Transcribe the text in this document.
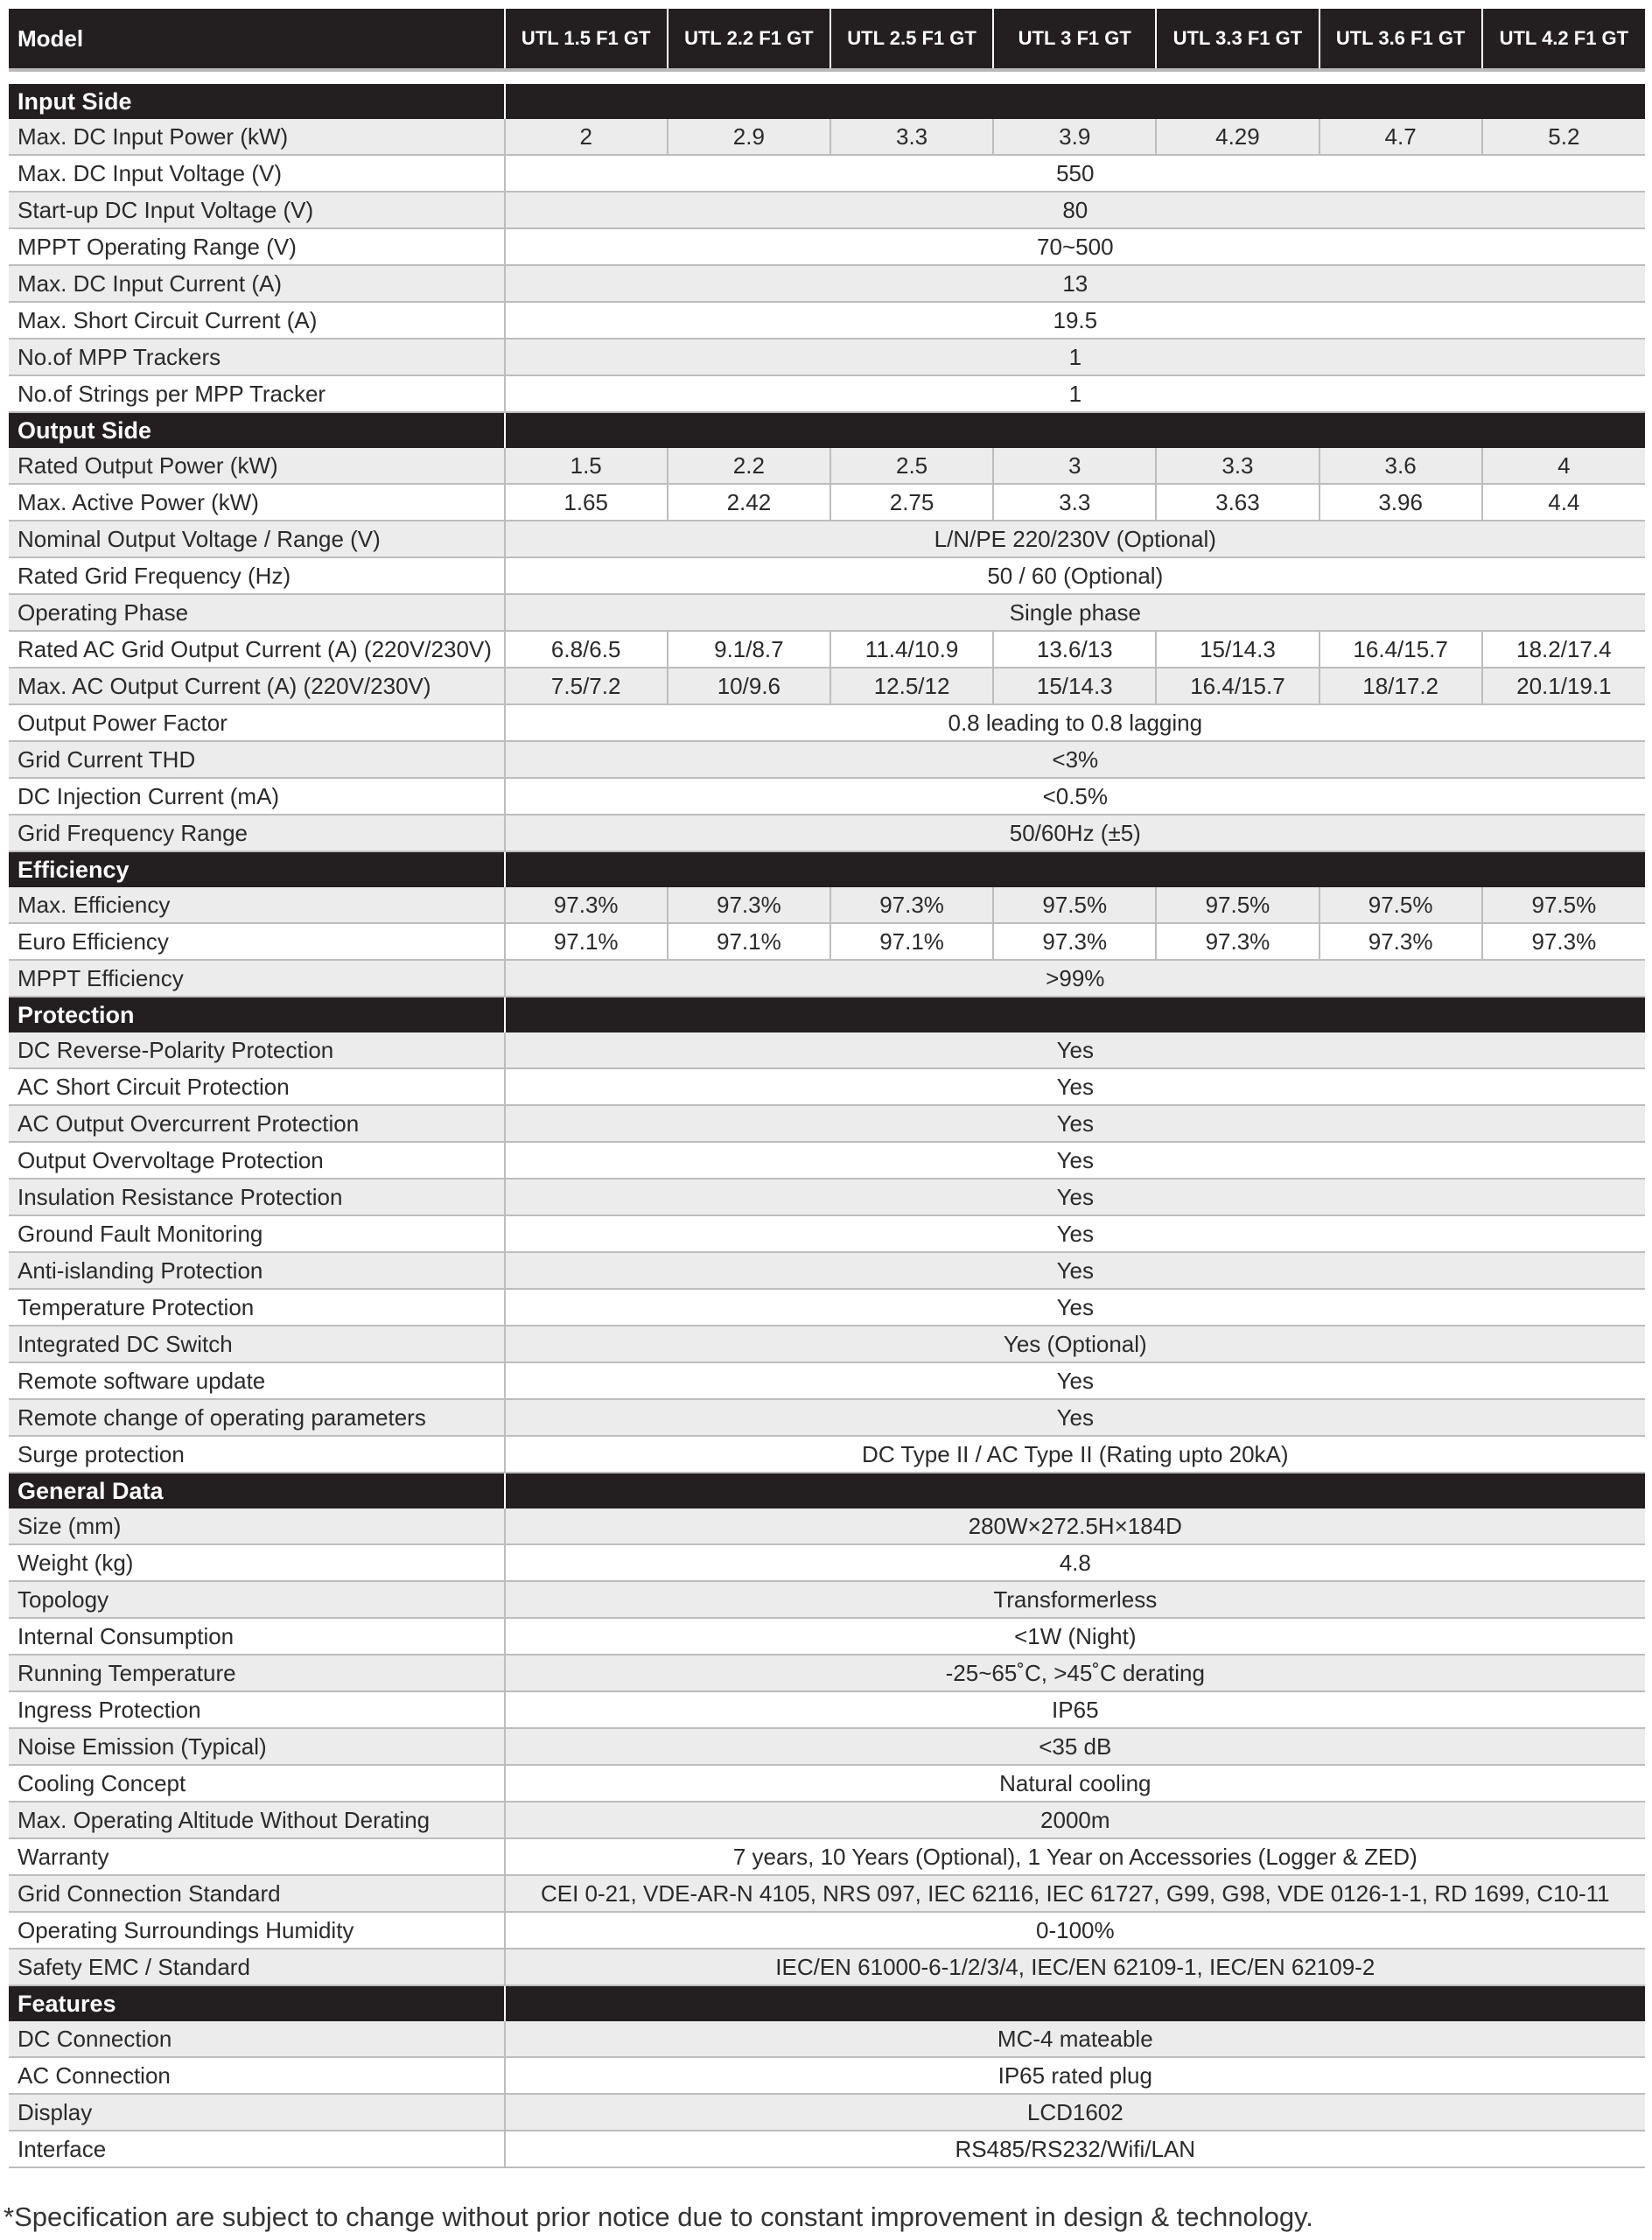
Model	UTL 1.5 F1 GT	UTL 2.2 F1 GT	UTL 2.5 F1 GT	UTL 3 F1 GT	UTL 3.3 F1 GT	UTL 3.6 F1 GT	UTL 4.2 F1 GT

Input Side							
Max. DC Input Power (kW)	2	2.9	3.3	3.9	4.29	4.7	5.2
Max. DC Input Voltage (V)	550						
Start-up DC Input Voltage (V)	80						
MPPT Operating Range (V)	70~500						
Max. DC Input Current (A)	13						
Max. Short Circuit Current (A)	19.5						
No.of MPP Trackers	1						
No.of Strings per MPP Tracker	1						
Output Side							
Rated Output Power (kW)	1.5	2.2	2.5	3	3.3	3.6	4
Max. Active Power (kW)	1.65	2.42	2.75	3.3	3.63	3.96	4.4
Nominal Output Voltage / Range (V)	L/N/PE 220/230V (Optional)						
Rated Grid Frequency (Hz)	50 / 60 (Optional)						
Operating Phase	Single phase						
Rated AC Grid Output Current (A) (220V/230V)	6.8/6.5	9.1/8.7	11.4/10.9	13.6/13	15/14.3	16.4/15.7	18.2/17.4
Max. AC Output Current (A) (220V/230V)	7.5/7.2	10/9.6	12.5/12	15/14.3	16.4/15.7	18/17.2	20.1/19.1
Output Power Factor	0.8 leading to 0.8 lagging						
Grid Current THD	<3%						
DC Injection Current (mA)	<0.5%						
Grid Frequency Range	50/60Hz (±5)						
Efficiency							
Max. Efficiency	97.3%	97.3%	97.3%	97.5%	97.5%	97.5%	97.5%
Euro Efficiency	97.1%	97.1%	97.1%	97.3%	97.3%	97.3%	97.3%
MPPT Efficiency	>99%						
Protection							
DC Reverse-Polarity Protection	Yes						
AC Short Circuit Protection	Yes						
AC Output Overcurrent Protection	Yes						
Output Overvoltage Protection	Yes						
Insulation Resistance Protection	Yes						
Ground Fault Monitoring	Yes						
Anti-islanding Protection	Yes						
Temperature Protection	Yes						
Integrated DC Switch	Yes (Optional)						
Remote software update	Yes						
Remote change of operating parameters	Yes						
Surge protection	DC Type II / AC Type II (Rating upto 20kA)						
General Data							
Size (mm)	280W×272.5H×184D						
Weight (kg)	4.8						
Topology	Transformerless						
Internal Consumption	<1W (Night)						
Running Temperature	-25~65˚C, >45˚C derating						
Ingress Protection	IP65						
Noise Emission (Typical)	<35 dB						
Cooling Concept	Natural cooling						
Max. Operating Altitude Without Derating	2000m						
Warranty	7 years, 10 Years (Optional), 1 Year on Accessories (Logger & ZED)						
Grid Connection Standard	CEI 0-21, VDE-AR-N 4105, NRS 097, IEC 62116, IEC 61727, G99, G98, VDE 0126-1-1, RD 1699, C10-11						
Operating Surroundings Humidity	0-100%						
Safety EMC / Standard	IEC/EN 61000-6-1/2/3/4, IEC/EN 62109-1, IEC/EN 62109-2						
Features							
DC Connection	MC-4 mateable						
AC Connection	IP65 rated plug						
Display	LCD1602						
Interface	RS485/RS232/Wifi/LAN						
*Specification are subject to change without prior notice due to constant improvement in design & technology.
